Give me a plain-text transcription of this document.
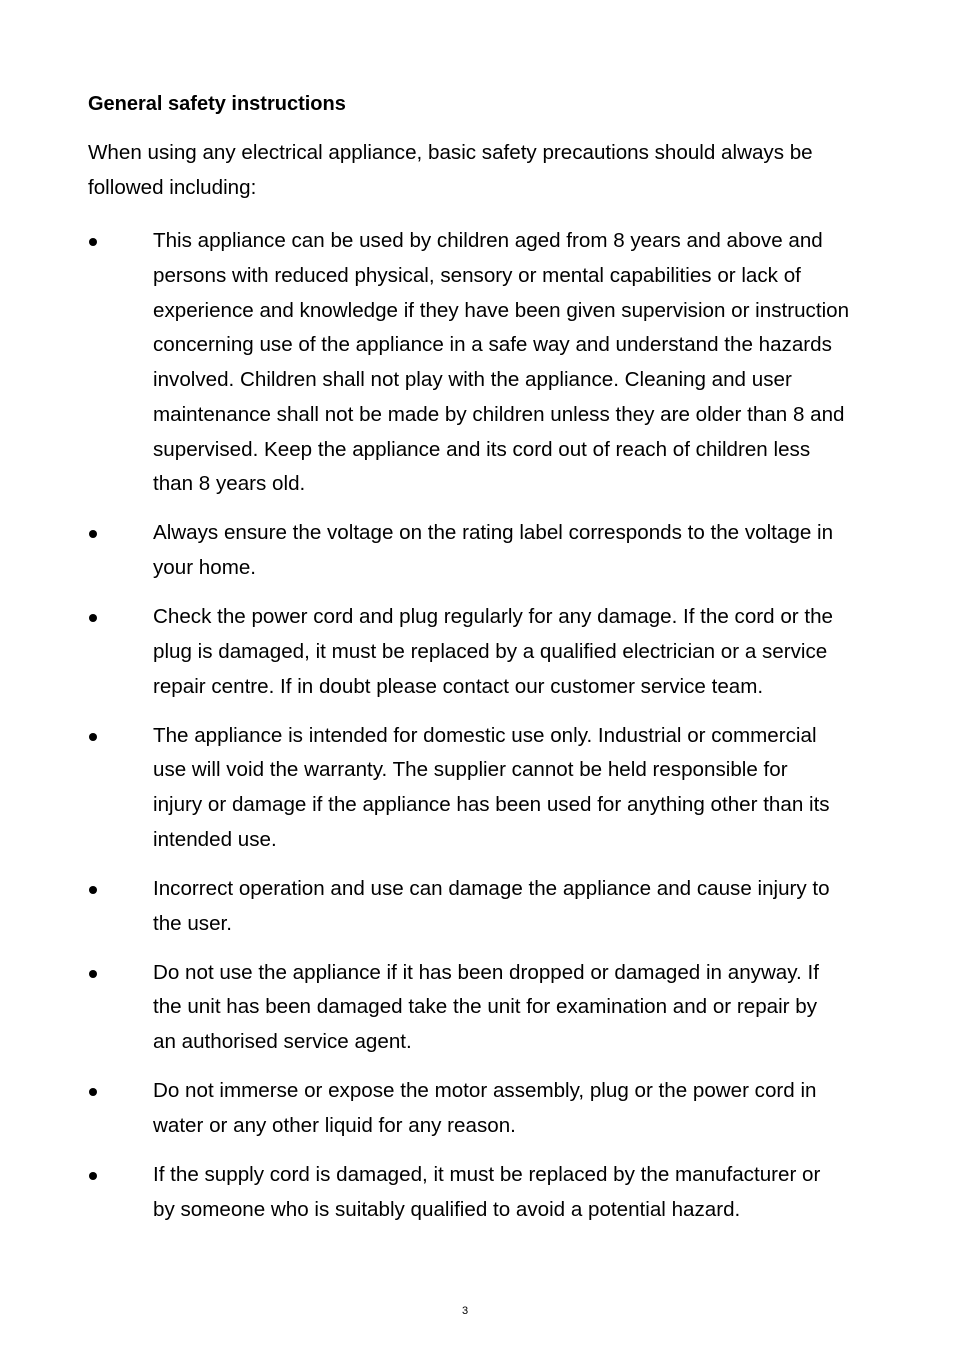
General safety instructions

When using any electrical appliance, basic safety precautions should always be
followed including:

This appliance can be used by children aged from 8 years and above and
persons with reduced physical, sensory or mental capabilities or lack of
experience and knowledge if they have been given supervision or instruction
concerning use of the appliance in a safe way and understand the hazards
involved. Children shall not play with the appliance. Cleaning and user
maintenance shall not be made by children unless they are older than 8 and
supervised. Keep the appliance and its cord out of reach of children less
than 8 years old.
Always ensure the voltage on the rating label corresponds to the voltage in
your home.
Check the power cord and plug regularly for any damage. If the cord or the
plug is damaged, it must be replaced by a qualified electrician or a service
repair centre. If in doubt please contact our customer service team.
The appliance is intended for domestic use only. Industrial or commercial
use will void the warranty. The supplier cannot be held responsible for
injury or damage if the appliance has been used for anything other than its
intended use.
Incorrect operation and use can damage the appliance and cause injury to
the user.
Do not use the appliance if it has been dropped or damaged in anyway. If
the unit has been damaged take the unit for examination and or repair by
an authorised service agent.
Do not immerse or expose the motor assembly, plug or the power cord in
water or any other liquid for any reason.
If the supply cord is damaged, it must be replaced by the manufacturer or
by someone who is suitably qualified to avoid a potential hazard.
3
